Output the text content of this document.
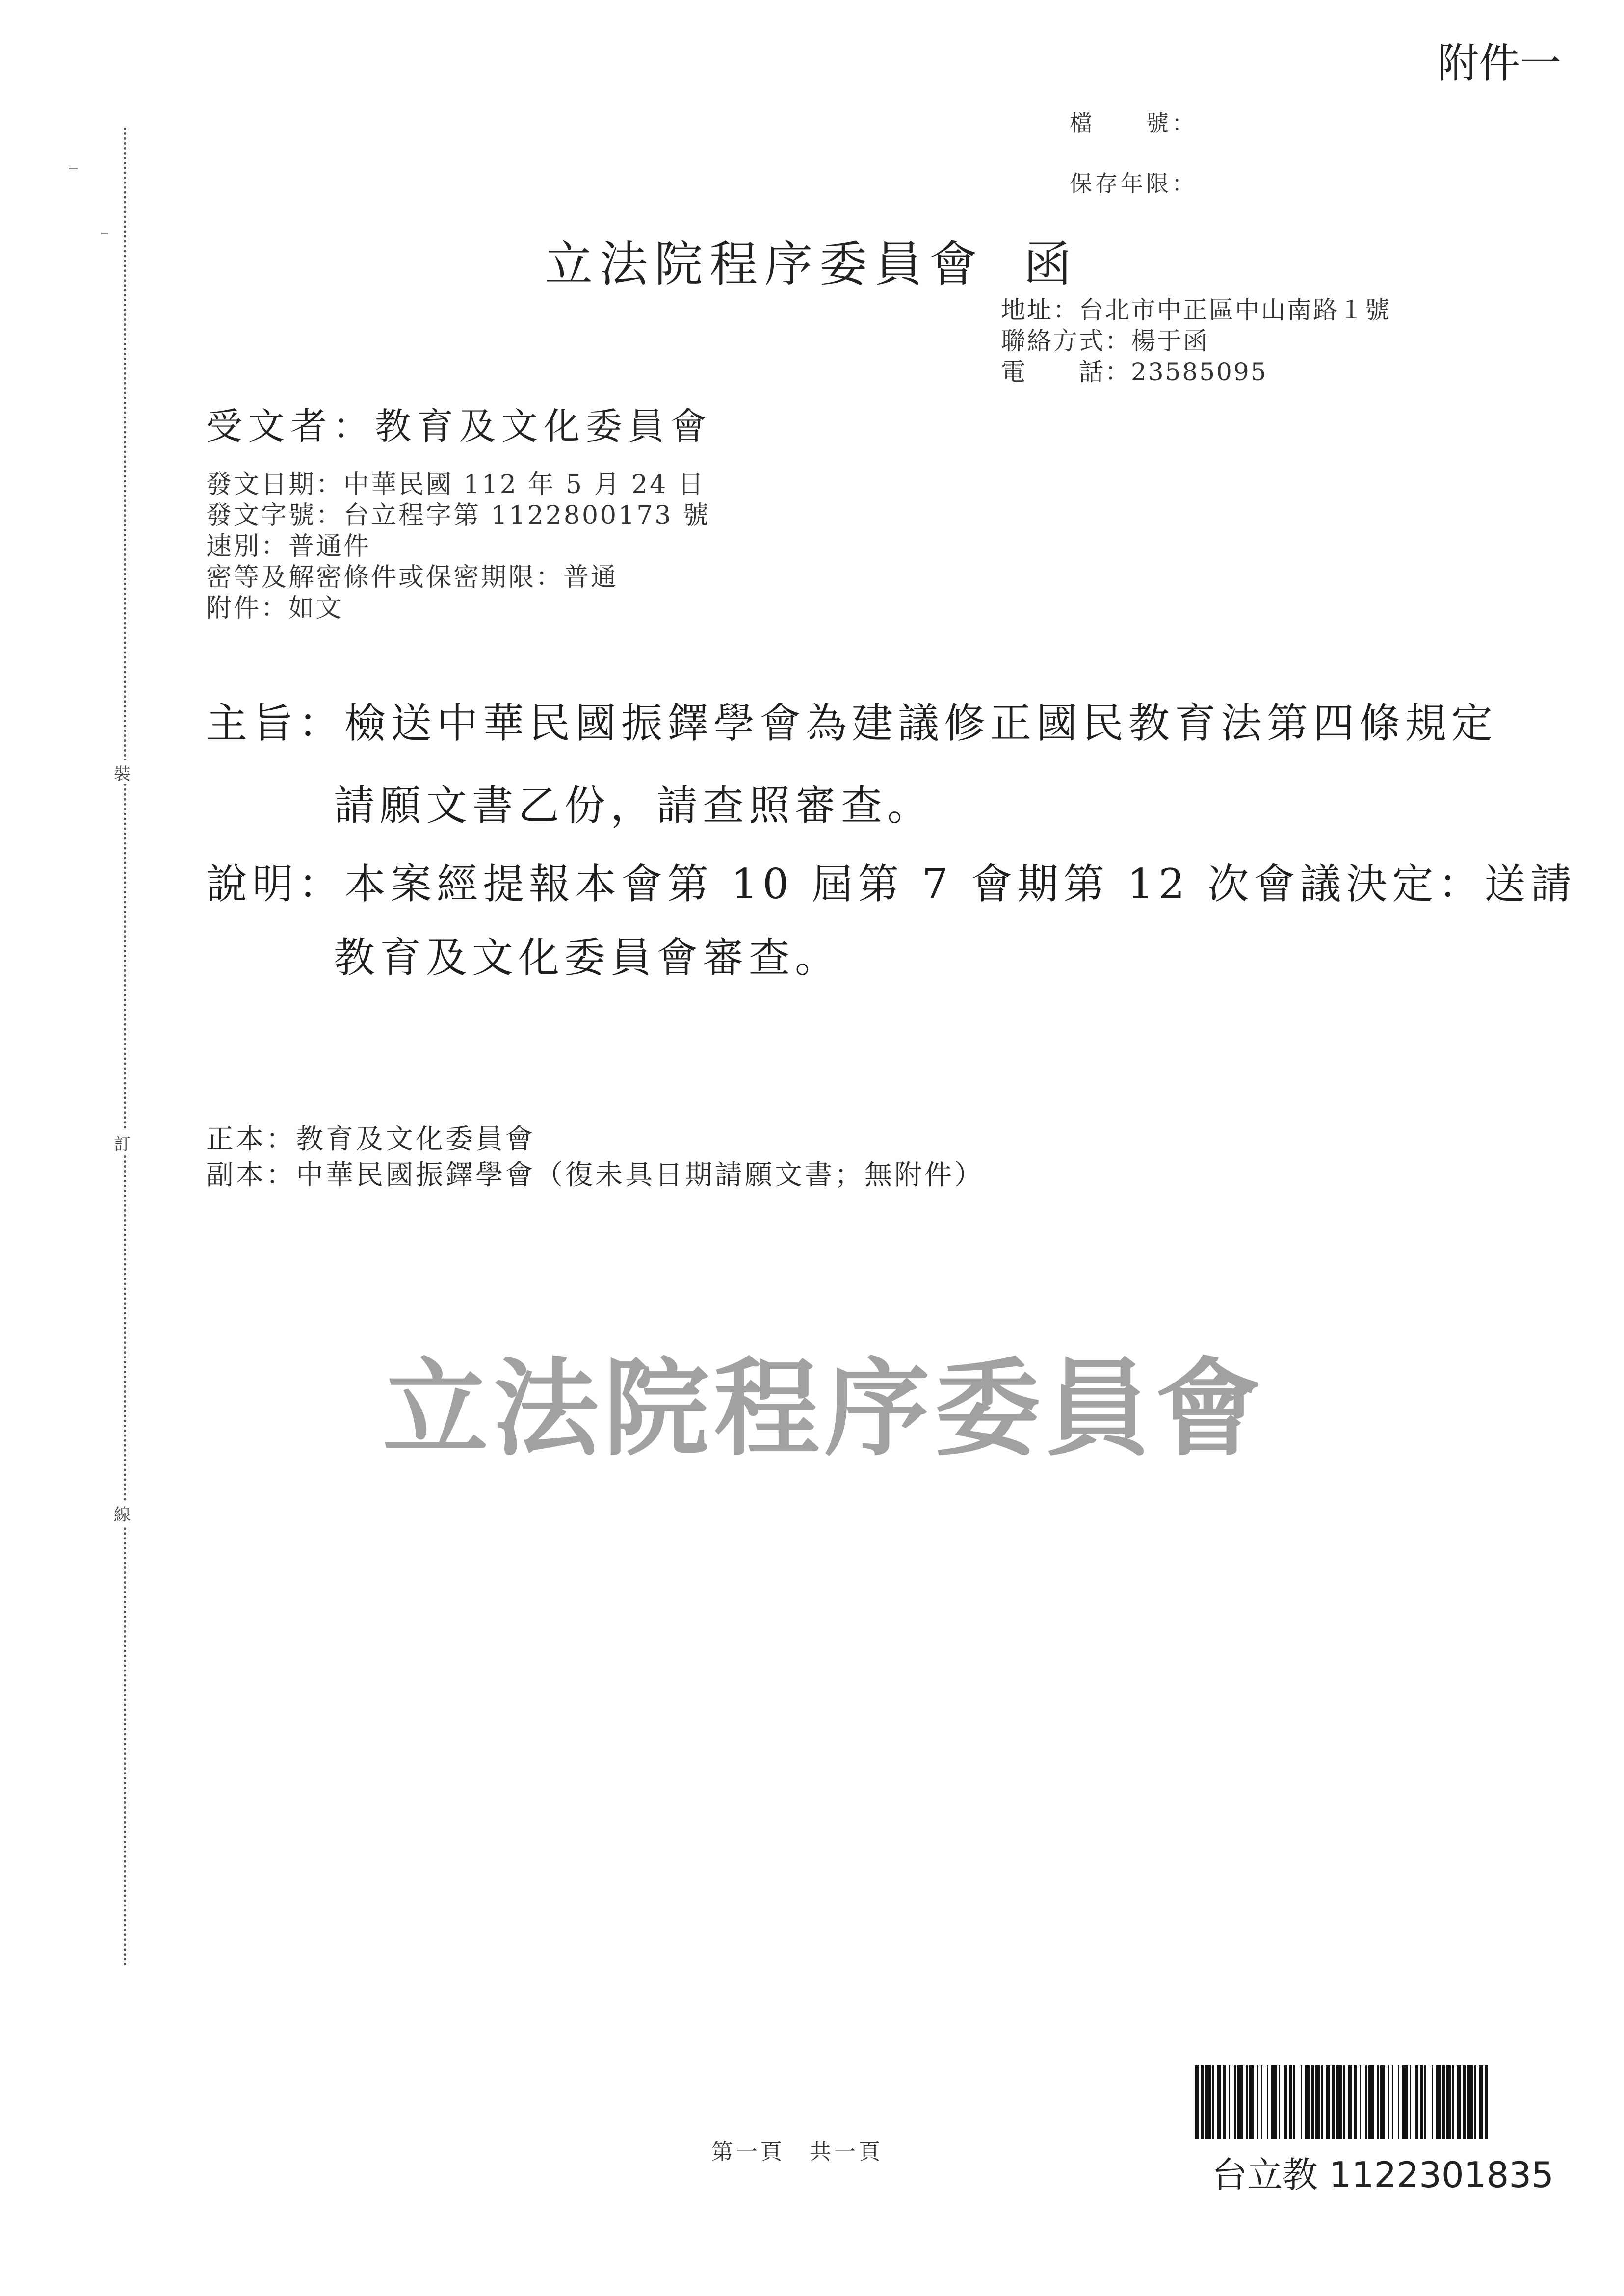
附件一
檔　　號：
保存年限：
裝
訂
線
立法院程序委員會 函
地址：台北市中正區中山南路１號
聯絡方式：楊于函
電　　話：23585095
受文者：教育及文化委員會
發文日期：中華民國 112 年 5 月 24 日
發文字號：台立程字第 1122800173 號
速別：普通件
密等及解密條件或保密期限：普通
附件：如文
主旨：檢送中華民國振鐸學會為建議修正國民教育法第四條規定
請願文書乙份，請查照審查。
說明：本案經提報本會第 10 屆第 7 會期第 12 次會議決定：送請
教育及文化委員會審查。
正本：教育及文化委員會
副本：中華民國振鐸學會（復未具日期請願文書；無附件）
立法院程序委員會
第一頁　共一頁
台立教 1122301835
